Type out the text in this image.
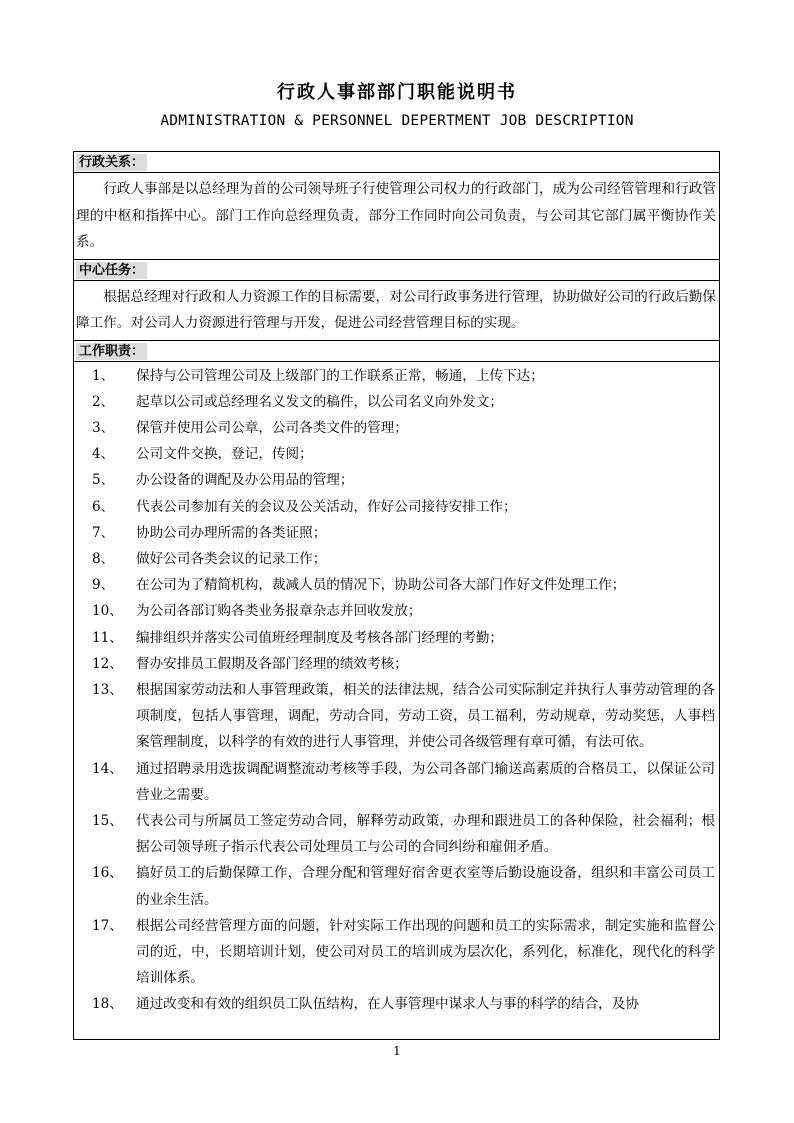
行政人事部部门职能说明书
ADMINISTRATION & PERSONNEL DEPERTMENT JOB DESCRIPTION
行政关系：
行政人事部是以总经理为首的公司领导班子行使管理公司权力的行政部门，成为公司经管管理和行政管理的中枢和指挥中心。部门工作向总经理负责，部分工作同时向公司负责，与公司其它部门属平衡协作关系。
中心任务：
根据总经理对行政和人力资源工作的目标需要，对公司行政事务进行管理，协助做好公司的行政后勤保障工作。对公司人力资源进行管理与开发，促进公司经营管理目标的实现。
工作职责：
1、	保持与公司管理公司及上级部门的工作联系正常，畅通，上传下达；
2、	起草以公司或总经理名义发文的稿件，以公司名义向外发文；
3、	保管并使用公司公章，公司各类文件的管理；
4、	公司文件交换，登记，传阅；
5、	办公设备的调配及办公用品的管理；
6、	代表公司参加有关的会议及公关活动，作好公司接待安排工作；
7、	协助公司办理所需的各类证照；
8、	做好公司各类会议的记录工作；
9、	在公司为了精简机构，裁减人员的情况下，协助公司各大部门作好文件处理工作；
10、 为公司各部订购各类业务报章杂志并回收发放；
11、 编排组织并落实公司值班经理制度及考核各部门经理的考勤；
12、 督办安排员工假期及各部门经理的绩效考核；
13、 根据国家劳动法和人事管理政策，相关的法律法规，结合公司实际制定并执行人事劳动管理的各项制度，包括人事管理，调配，劳动合同，劳动工资，员工福利，劳动规章，劳动奖惩，人事档案管理制度，以科学的有效的进行人事管理，并使公司各级管理有章可循，有法可依。
14、 通过招聘录用选拔调配调整流动考核等手段，为公司各部门输送高素质的合格员工，以保证公司营业之需要。
15、 代表公司与所属员工签定劳动合同，解释劳动政策，办理和跟进员工的各种保险，社会福利；根据公司领导班子指示代表公司处理员工与公司的合同纠纷和雇佣矛盾。
16、 搞好员工的后勤保障工作，合理分配和管理好宿舍更衣室等后勤设施设备，组织和丰富公司员工的业余生活。
17、 根据公司经营管理方面的问题，针对实际工作出现的问题和员工的实际需求，制定实施和监督公司的近，中，长期培训计划，使公司对员工的培训成为层次化，系列化，标准化，现代化的科学培训体系。
18、 通过改变和有效的组织员工队伍结构，在人事管理中谋求人与事的科学的结合，及协
1
